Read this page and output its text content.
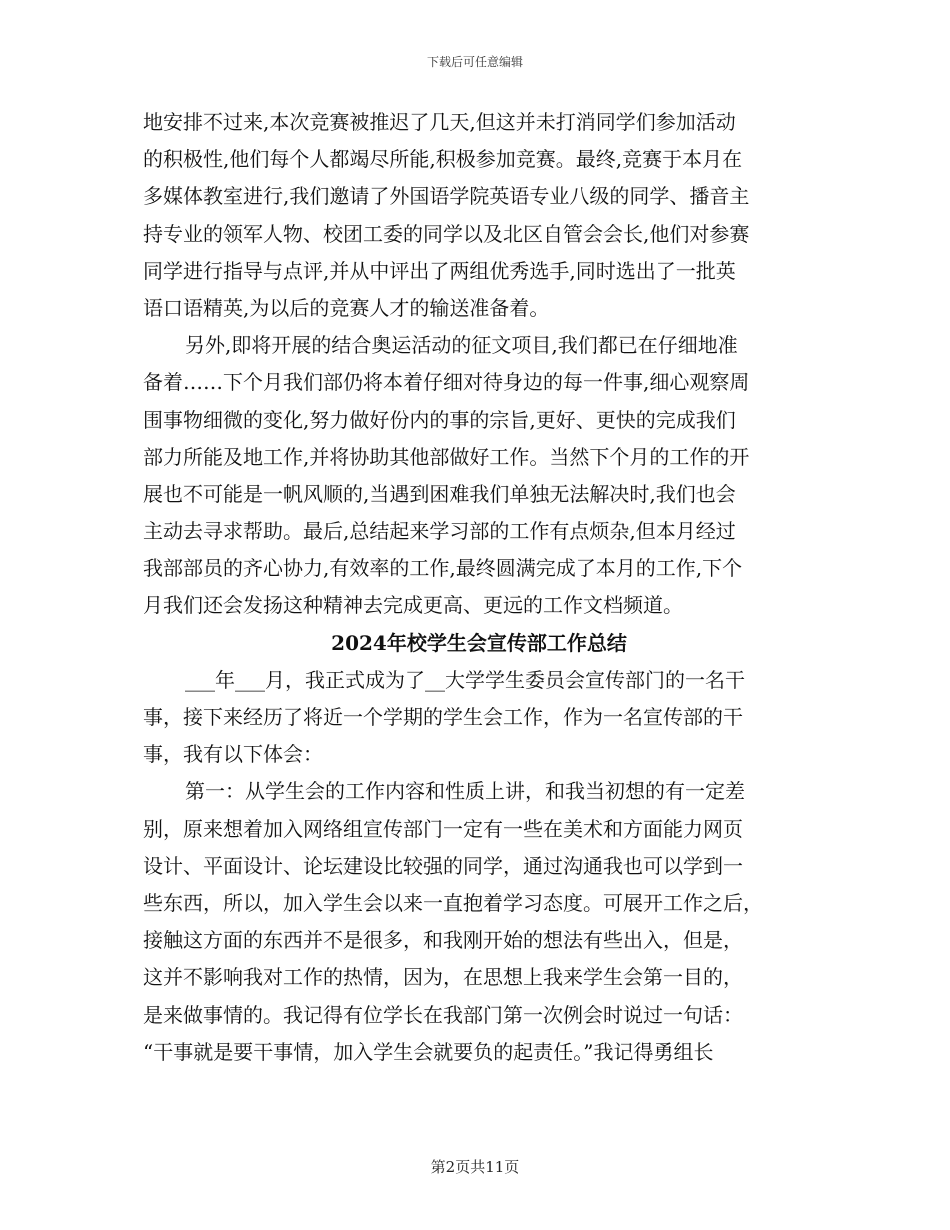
下载后可任意编辑
地安排不过来,本次竞赛被推迟了几天,但这并未打消同学们参加活动
的积极性,他们每个人都竭尽所能,积极参加竞赛。最终,竞赛于本月在
多媒体教室进行,我们邀请了外国语学院英语专业八级的同学、播音主
持专业的领军人物、校团工委的同学以及北区自管会会长,他们对参赛
同学进行指导与点评,并从中评出了两组优秀选手,同时选出了一批英
语口语精英,为以后的竞赛人才的输送准备着。
另外,即将开展的结合奥运活动的征文项目,我们都已在仔细地准
备着……下个月我们部仍将本着仔细对待身边的每一件事,细心观察周
围事物细微的变化,努力做好份内的事的宗旨,更好、更快的完成我们
部力所能及地工作,并将协助其他部做好工作。当然下个月的工作的开
展也不可能是一帆风顺的,当遇到困难我们单独无法解决时,我们也会
主动去寻求帮助。最后,总结起来学习部的工作有点烦杂,但本月经过
我部部员的齐心协力,有效率的工作,最终圆满完成了本月的工作,下个
月我们还会发扬这种精神去完成更高、更远的工作文档频道。
2024年校学生会宣传部工作总结
___年___月，我正式成为了__大学学生委员会宣传部门的一名干
事，接下来经历了将近一个学期的学生会工作，作为一名宣传部的干
事，我有以下体会：
第一：从学生会的工作内容和性质上讲，和我当初想的有一定差
别，原来想着加入网络组宣传部门一定有一些在美术和方面能力网页
设计、平面设计、论坛建设比较强的同学，通过沟通我也可以学到一
些东西，所以，加入学生会以来一直抱着学习态度。可展开工作之后，
接触这方面的东西并不是很多，和我刚开始的想法有些出入，但是，
这并不影响我对工作的热情，因为，在思想上我来学生会第一目的，
是来做事情的。我记得有位学长在我部门第一次例会时说过一句话：
“干事就是要干事情，加入学生会就要负的起责任。”我记得勇组长
第2页共11页
